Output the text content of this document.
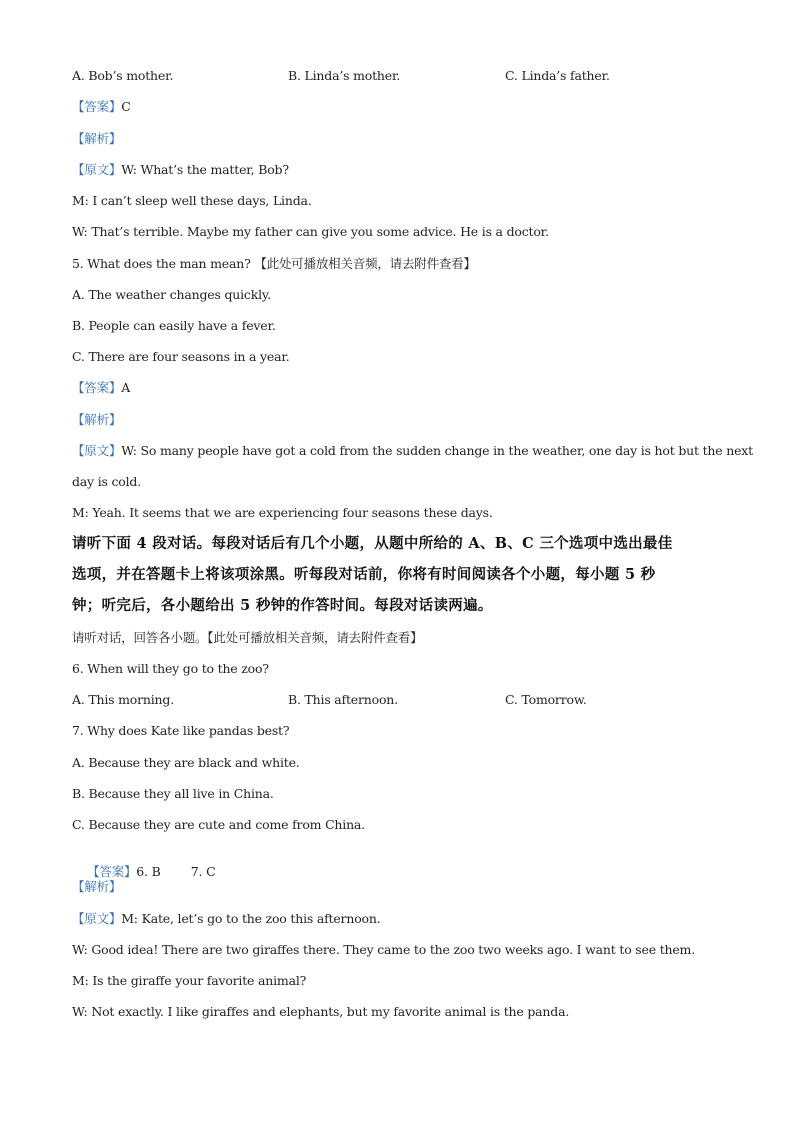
A. Bob’s mother.	B. Linda’s mother.	C. Linda’s father.
【答案】C
【解析】
【原文】W: What’s the matter, Bob?
M: I can’t sleep well these days, Linda.
W: That’s terrible. Maybe my father can give you some advice. He is a doctor.
5. What does the man mean? 【此处可播放相关音频，请去附件查看】
A. The weather changes quickly.
B. People can easily have a fever.
C. There are four seasons in a year.
【答案】A
【解析】
【原文】W: So many people have got a cold from the sudden change in the weather, one day is hot but the next
day is cold.
M: Yeah. It seems that we are experiencing four seasons these days.
请听下面 4 段对话。每段对话后有几个小题，从题中所给的 A、B、C 三个选项中选出最佳
选项，并在答题卡上将该项涂黑。听每段对话前，你将有时间阅读各个小题，每小题 5 秒
钟；听完后，各小题给出 5 秒钟的作答时间。每段对话读两遍。
请听对话，回答各小题。【此处可播放相关音频，请去附件查看】
6. When will they go to the zoo?
A. This morning.	B. This afternoon.	C. Tomorrow.
7. Why does Kate like pandas best?
A. Because they are black and white.
B. Because they all live in China.
C. Because they are cute and come from China.

【答案】6. B        7. C

【解析】
【原文】M: Kate, let’s go to the zoo this afternoon.
W: Good idea! There are two giraffes there. They came to the zoo two weeks ago. I want to see them.
M: Is the giraffe your favorite animal?
W: Not exactly. I like giraffes and elephants, but my favorite animal is the panda.
